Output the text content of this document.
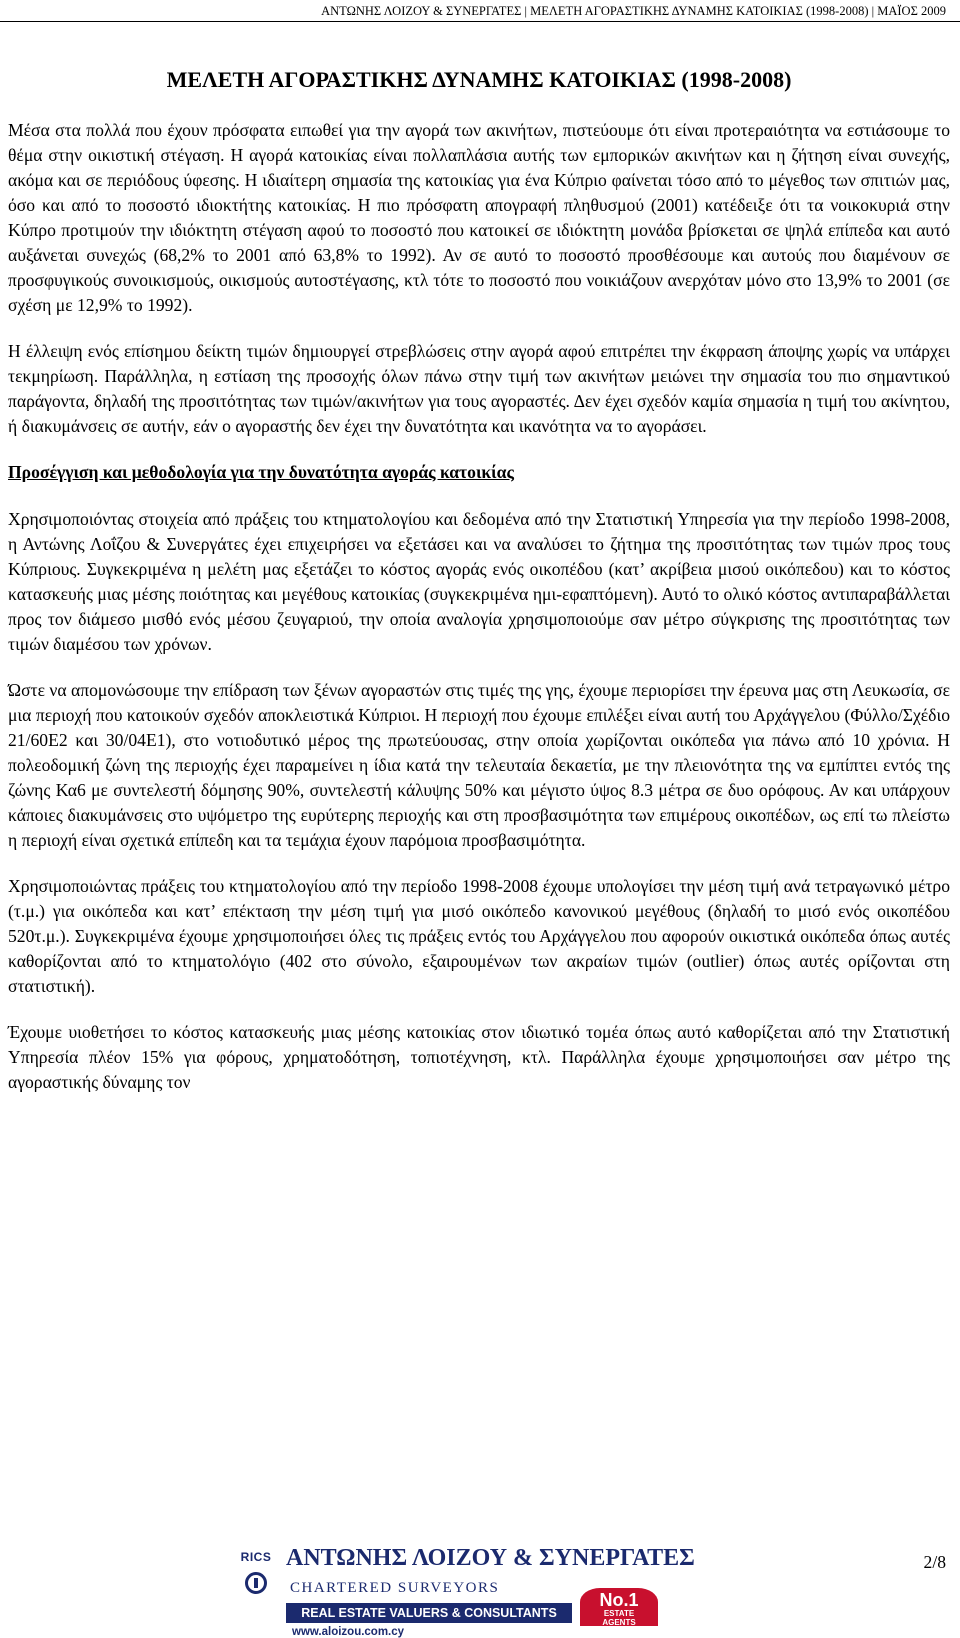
ΑΝΤΩΝΗΣ ΛΟΙΖΟΥ & ΣΥΝΕΡΓΑΤΕΣ | ΜΕΛΕΤΗ ΑΓΟΡΑΣΤΙΚΗΣ ΔΥΝΑΜΗΣ ΚΑΤΟΙΚΙΑΣ (1998-2008) | ΜΑΪΟΣ 2009
ΜΕΛΕΤΗ ΑΓΟΡΑΣΤΙΚΗΣ ΔΥΝΑΜΗΣ ΚΑΤΟΙΚΙΑΣ (1998-2008)

Μέσα στα πολλά που έχουν πρόσφατα ειπωθεί για την αγορά των ακινήτων, πιστεύουμε ότι είναι προτεραιότητα να εστιάσουμε το θέμα στην οικιστική στέγαση. Η αγορά κατοικίας είναι πολλαπλάσια αυτής των εμπορικών ακινήτων και η ζήτηση είναι συνεχής, ακόμα και σε περιόδους ύφεσης. Η ιδιαίτερη σημασία της κατοικίας για ένα Κύπριο φαίνεται τόσο από το μέγεθος των σπιτιών μας, όσο και από το ποσοστό ιδιοκτήτης κατοικίας. Η πιο πρόσφατη απογραφή πληθυσμού (2001) κατέδειξε ότι τα νοικοκυριά στην Κύπρο προτιμούν την ιδιόκτητη στέγαση αφού το ποσοστό που κατοικεί σε ιδιόκτητη μονάδα βρίσκεται σε ψηλά επίπεδα και αυτό αυξάνεται συνεχώς (68,2% το 2001 από 63,8% το 1992). Αν σε αυτό το ποσοστό προσθέσουμε και αυτούς που διαμένουν σε προσφυγικούς συνοικισμούς, οικισμούς αυτοστέγασης, κτλ τότε το ποσοστό που νοικιάζουν ανερχόταν μόνο στο 13,9% το 2001 (σε σχέση με 12,9% το 1992).

Η έλλειψη ενός επίσημου δείκτη τιμών δημιουργεί στρεβλώσεις στην αγορά αφού επιτρέπει την έκφραση άποψης χωρίς να υπάρχει τεκμηρίωση. Παράλληλα, η εστίαση της προσοχής όλων πάνω στην τιμή των ακινήτων μειώνει την σημασία του πιο σημαντικού παράγοντα, δηλαδή της προσιτότητας των τιμών/ακινήτων για τους αγοραστές. Δεν έχει σχεδόν καμία σημασία η τιμή του ακίνητου, ή διακυμάνσεις σε αυτήν, εάν ο αγοραστής δεν έχει την δυνατότητα και ικανότητα να το αγοράσει.

Προσέγγιση και μεθοδολογία για την δυνατότητα αγοράς κατοικίας

Χρησιμοποιόντας στοιχεία από πράξεις του κτηματολογίου και δεδομένα από την Στατιστική Υπηρεσία για την περίοδο 1998-2008, η Αντώνης Λοΐζου & Συνεργάτες έχει επιχειρήσει να εξετάσει και να αναλύσει το ζήτημα της προσιτότητας των τιμών προς τους Κύπριους. Συγκεκριμένα η μελέτη μας εξετάζει το κόστος αγοράς ενός οικοπέδου (κατ’ ακρίβεια μισού οικόπεδου) και το κόστος κατασκευής μιας μέσης ποιότητας και μεγέθους κατοικίας (συγκεκριμένα ημι-εφαπτόμενη). Αυτό το ολικό κόστος αντιπαραβάλλεται προς τον διάμεσο μισθό ενός μέσου ζευγαριού, την οποία αναλογία χρησιμοποιούμε σαν μέτρο σύγκρισης της προσιτότητας των τιμών διαμέσου των χρόνων.

Ώστε να απομονώσουμε την επίδραση των ξένων αγοραστών στις τιμές της γης, έχουμε περιορίσει την έρευνα μας στη Λευκωσία, σε μια περιοχή που κατοικούν σχεδόν αποκλειστικά Κύπριοι. Η περιοχή που έχουμε επιλέξει είναι αυτή του Αρχάγγελου (Φύλλο/Σχέδιο 21/60Ε2 και 30/04Ε1), στο νοτιοδυτικό μέρος της πρωτεύουσας, στην οποία χωρίζονται οικόπεδα για πάνω από 10 χρόνια. Η πολεοδομική ζώνη της περιοχής έχει παραμείνει η ίδια κατά την τελευταία δεκαετία, με την πλειονότητα της να εμπίπτει εντός της ζώνης Κα6 με συντελεστή δόμησης 90%, συντελεστή κάλυψης 50% και μέγιστο ύψος 8.3 μέτρα σε δυο ορόφους. Αν και υπάρχουν κάποιες διακυμάνσεις στο υψόμετρο της ευρύτερης περιοχής και στη προσβασιμότητα των επιμέρους οικοπέδων, ως επί τω πλείστω η περιοχή είναι σχετικά επίπεδη και τα τεμάχια έχουν παρόμοια προσβασιμότητα.

Χρησιμοποιώντας πράξεις του κτηματολογίου από την περίοδο 1998-2008 έχουμε υπολογίσει την μέση τιμή ανά τετραγωνικό μέτρο (τ.μ.) για οικόπεδα και κατ’ επέκταση την μέση τιμή για μισό οικόπεδο κανονικού μεγέθους (δηλαδή το μισό ενός οικοπέδου 520τ.μ.). Συγκεκριμένα έχουμε χρησιμοποιήσει όλες τις πράξεις εντός του Αρχάγγελου που αφορούν οικιστικά οικόπεδα όπως αυτές καθορίζονται από το κτηματολόγιο (402 στο σύνολο, εξαιρουμένων των ακραίων τιμών (outlier) όπως αυτές ορίζονται στη στατιστική).

Έχουμε υιοθετήσει το κόστος κατασκευής μιας μέσης κατοικίας στον ιδιωτικό τομέα όπως αυτό καθορίζεται από την Στατιστική Υπηρεσία πλέον 15% για φόρους, χρηματοδότηση, τοπιοτέχνηση, κτλ. Παράλληλα έχουμε χρησιμοποιήσει σαν μέτρο της αγοραστικής δύναμης τον

RICS ΑΝΤΩΝΗΣ ΛΟΙΖΟΥ & ΣΥΝΕΡΓΑΤΕΣ
CHARTERED SURVEYORS
REAL ESTATE VALUERS & CONSULTANTS
www.aloizou.com.cy
No.1
ESTATE
AGENTS
2/8
